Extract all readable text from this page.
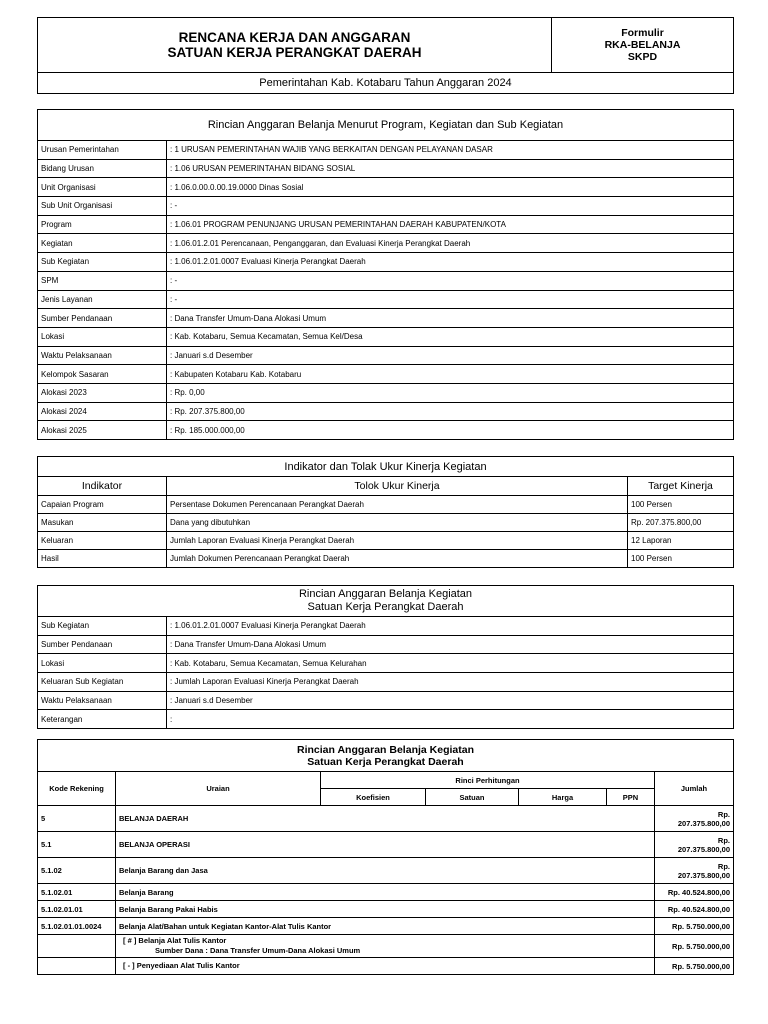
RENCANA KERJA DAN ANGGARAN
SATUAN KERJA PERANGKAT DAERAH

Formulir
RKA-BELANJA
SKPD

Pemerintahan Kab. Kotabaru Tahun Anggaran 2024
Rincian Anggaran Belanja Menurut Program, Kegiatan dan Sub Kegiatan	
Urusan Pemerintahan	: 1 URUSAN PEMERINTAHAN WAJIB YANG BERKAITAN DENGAN PELAYANAN DASAR
Bidang Urusan	: 1.06 URUSAN PEMERINTAHAN BIDANG SOSIAL
Unit Organisasi	: 1.06.0.00.0.00.19.0000 Dinas Sosial
Sub Unit Organisasi	: -
Program	: 1.06.01 PROGRAM PENUNJANG URUSAN PEMERINTAHAN DAERAH KABUPATEN/KOTA
Kegiatan	: 1.06.01.2.01 Perencanaan, Penganggaran, dan Evaluasi Kinerja Perangkat Daerah
Sub Kegiatan	: 1.06.01.2.01.0007 Evaluasi Kinerja Perangkat Daerah
SPM	: -
Jenis Layanan	: -
Sumber Pendanaan	: Dana Transfer Umum-Dana Alokasi Umum
Lokasi	: Kab. Kotabaru, Semua Kecamatan, Semua Kel/Desa
Waktu Pelaksanaan	: Januari s.d Desember
Kelompok Sasaran	: Kabupaten Kotabaru Kab. Kotabaru
Alokasi 2023	: Rp. 0,00
Alokasi 2024	: Rp. 207.375.800,00
Alokasi 2025	: Rp. 185.000.000,00
Indikator dan Tolak Ukur Kinerja Kegiatan		
Indikator	Tolok Ukur Kinerja	Target Kinerja
Capaian Program	Persentase Dokumen Perencanaan Perangkat Daerah	100 Persen
Masukan	Dana yang dibutuhkan	Rp. 207.375.800,00
Keluaran	Jumlah Laporan Evaluasi Kinerja Perangkat Daerah	12 Laporan
Hasil	Jumlah Dokumen Perencanaan Perangkat Daerah	100 Persen
Rincian Anggaran Belanja Kegiatan
Satuan Kerja Perangkat Daerah	

Sub Kegiatan	: 1.06.01.2.01.0007 Evaluasi Kinerja Perangkat Daerah
Sumber Pendanaan	: Dana Transfer Umum-Dana Alokasi Umum
Lokasi	: Kab. Kotabaru, Semua Kecamatan, Semua Kelurahan
Keluaran Sub Kegiatan	: Jumlah Laporan Evaluasi Kinerja Perangkat Daerah
Waktu Pelaksanaan	: Januari s.d Desember
Keterangan	:
Rincian Anggaran Belanja Kegiatan
Satuan Kerja Perangkat Daerah						

Kode Rekening	Uraian	Rinci Perhitungan				Jumlah
		Koefisien	Satuan	Harga	PPN	
5	BELANJA DAERAH					Rp.
207.375.800,00

5.1	BELANJA OPERASI					Rp.
207.375.800,00

5.1.02	Belanja Barang dan Jasa					Rp.
207.375.800,00

5.1.02.01	Belanja Barang					Rp. 40.524.800,00
5.1.02.01.01	Belanja Barang Pakai Habis					Rp. 40.524.800,00
5.1.02.01.01.0024	Belanja Alat/Bahan untuk Kegiatan Kantor-Alat Tulis Kantor					Rp. 5.750.000,00

	[ # ] Belanja Alat Tulis Kantor
Sumber Dana : Dana Transfer Umum-Dana Alokasi Umum					Rp. 5.750.000,00

	[ - ] Penyediaan Alat Tulis Kantor					Rp. 5.750.000,00
